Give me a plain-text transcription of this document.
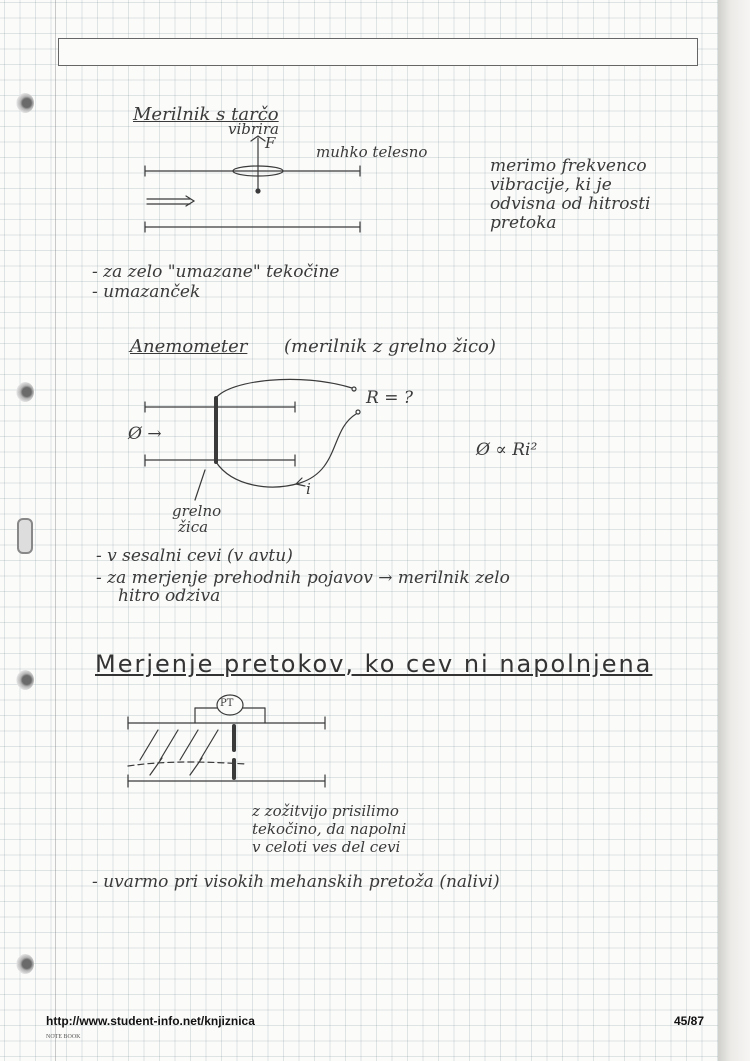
Merilnik s tarčo
vibrira
F	muhko telesno
merimo frekvenco
vibracije, ki je
odvisna od hitrosti
pretoka
- za zelo "umazane" tekočine
- umazanček
Anemometer (merilnik z grelno žico)
R = ?
Ø →
i
grelno
žica
Ø ∝ Ri²
- v sesalni cevi (v avtu)
- za merjenje prehodnih pojavov → merilnik zelo
hitro odziva
Merjenje pretokov, ko cev ni napolnjena
PT
z zožitvijo prisilimo
tekočino, da napolni
v celoti ves del cevi
- uvarmo pri visokih mehanskih pretoža (nalivi)
http://www.student-info.net/knjiznica	45/87
NOTE BOOK
